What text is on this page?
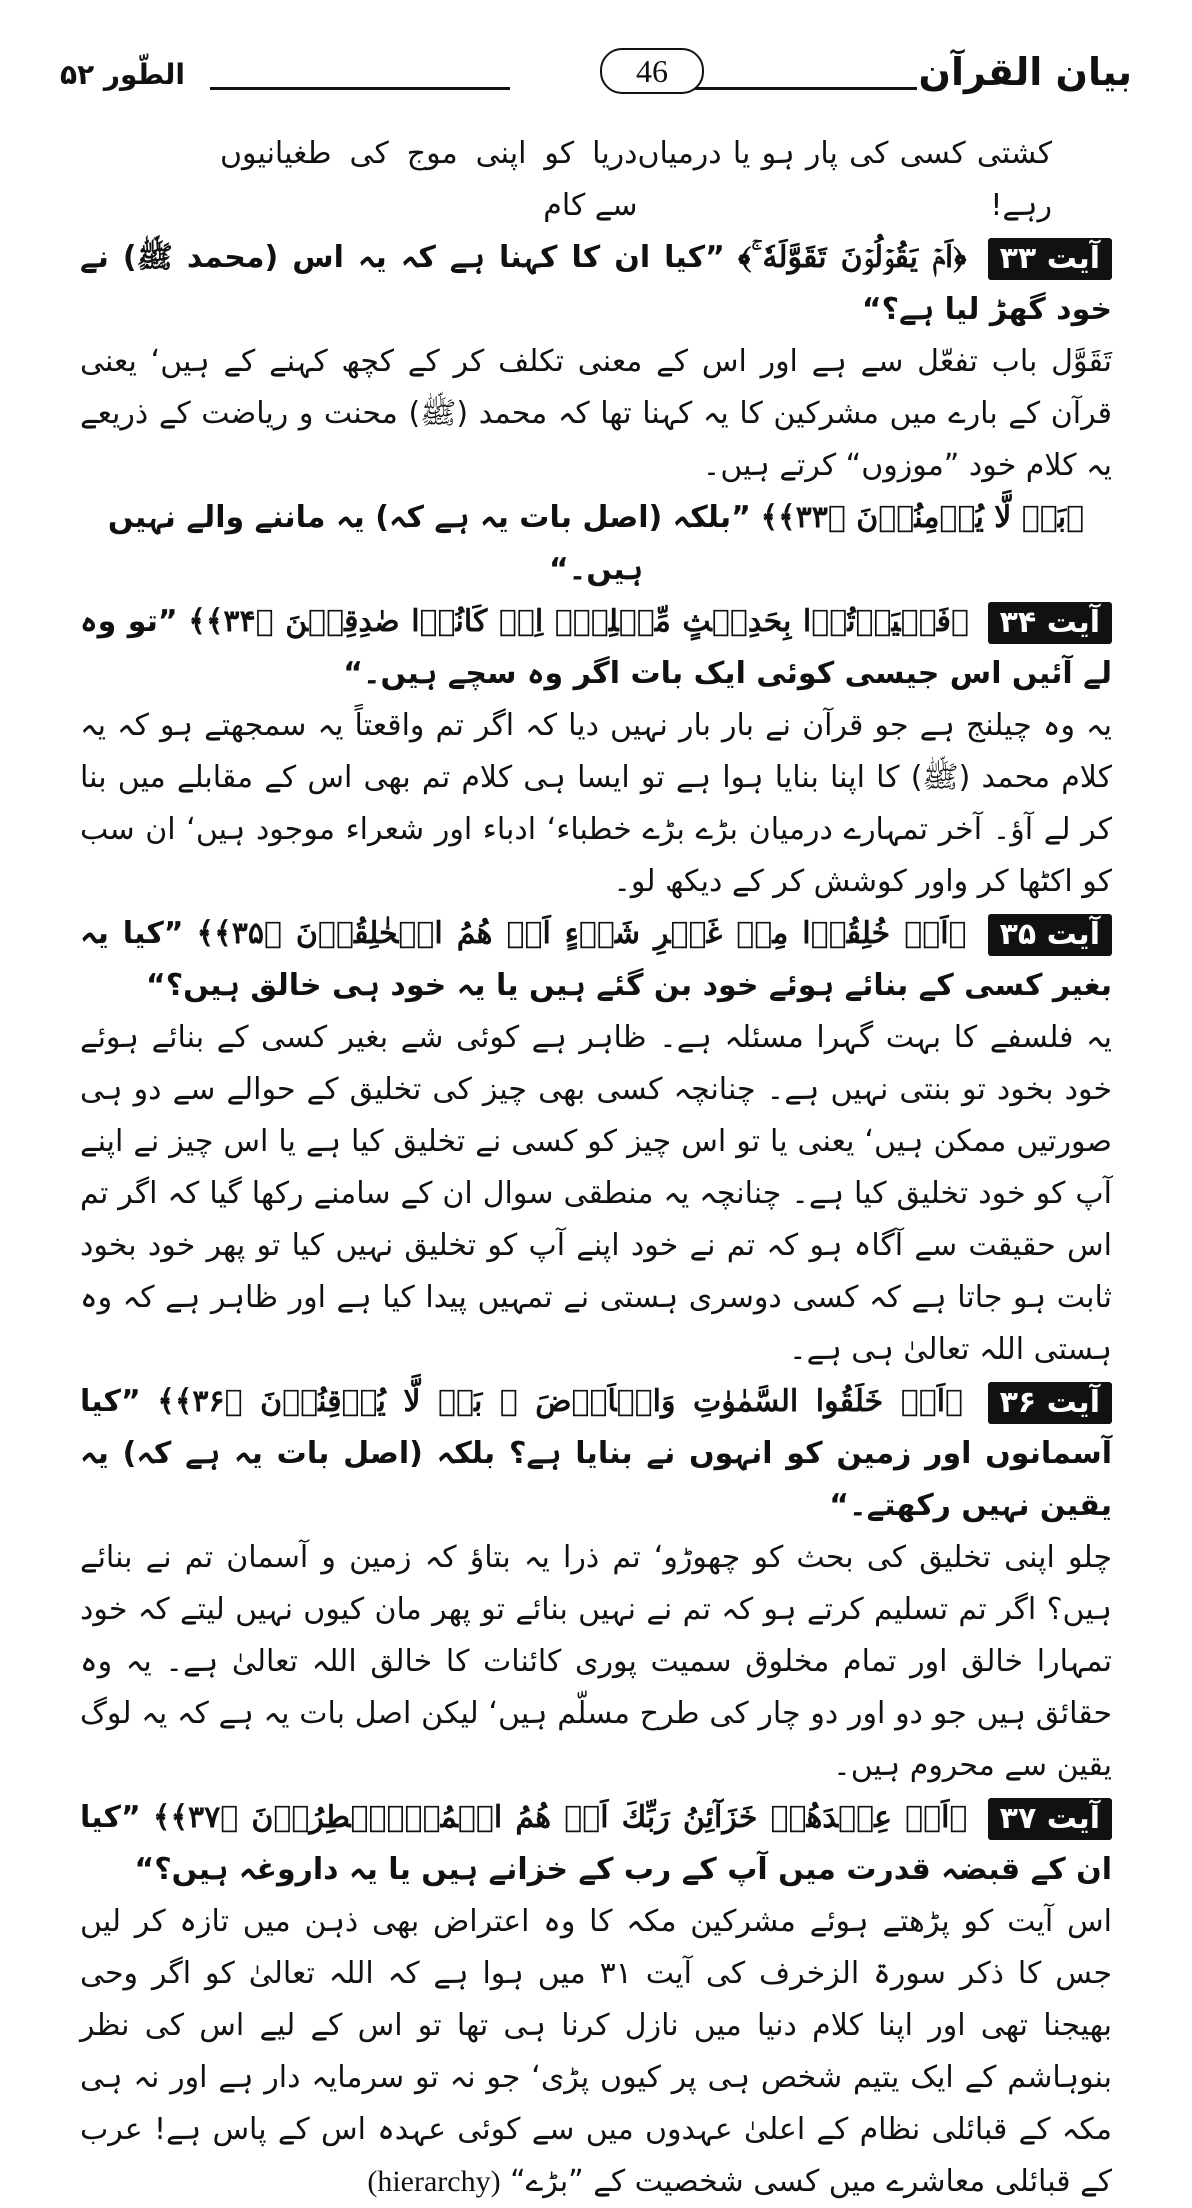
بیان القرآن
46
الطّور ۵۲
کشتی کسی کی پار ہو یا درمیاں رہے!
دریا کو اپنی موج کی طغیانیوں سے کام

آیت ۳۳ ﴿اَمۡ يَقُوۡلُوۡنَ تَقَوَّلَهٗ ۚ﴾ ”کیا ان کا کہنا ہے کہ یہ اس (محمد ﷺ) نے خود گھڑ لیا ہے؟“

تَقَوَّل باب تفعّل سے ہے اور اس کے معنی تکلف کر کے کچھ کہنے کے ہیں‘ یعنی قرآن کے بارے میں مشرکین کا یہ کہنا تھا کہ محمد (ﷺ) محنت و ریاضت کے ذریعے یہ کلام خود ”موزوں“ کرتے ہیں۔

﴿بَلۡ لَّا يُؤۡمِنُوۡنَ ﴿۳۳﴾﴾ ”بلکہ (اصل بات یہ ہے کہ) یہ ماننے والے نہیں ہیں۔“

آیت ۳۴ ﴿فَلۡيَاۡتُوۡا بِحَدِيۡثٍ مِّثۡلِهٖۤ اِنۡ كَانُوۡا صٰدِقِيۡنَ ﴿۳۴﴾﴾ ”تو وہ لے آئیں اس جیسی کوئی ایک بات اگر وہ سچے ہیں۔“

یہ وہ چیلنج ہے جو قرآن نے بار بار نہیں دیا کہ اگر تم واقعتاً یہ سمجھتے ہو کہ یہ کلام محمد (ﷺ) کا اپنا بنایا ہوا ہے تو ایسا ہی کلام تم بھی اس کے مقابلے میں بنا کر لے آؤ۔ آخر تمہارے درمیان بڑے بڑے خطباء‘ ادباء اور شعراء موجود ہیں‘ ان سب کو اکٹھا کر واور کوشش کر کے دیکھ لو۔

آیت ۳۵ ﴿اَمۡ خُلِقُوۡا مِنۡ غَيۡرِ شَىۡءٍ اَمۡ هُمُ الۡخٰلِقُوۡنَ ﴿۳۵﴾﴾ ”کیا یہ بغیر کسی کے بنائے ہوئے خود بن گئے ہیں یا یہ خود ہی خالق ہیں؟“

یہ فلسفے کا بہت گہرا مسئلہ ہے۔ ظاہر ہے کوئی شے بغیر کسی کے بنائے ہوئے خود بخود تو بنتی نہیں ہے۔ چنانچہ کسی بھی چیز کی تخلیق کے حوالے سے دو ہی صورتیں ممکن ہیں‘ یعنی یا تو اس چیز کو کسی نے تخلیق کیا ہے یا اس چیز نے اپنے آپ کو خود تخلیق کیا ہے۔ چنانچہ یہ منطقی سوال ان کے سامنے رکھا گیا کہ اگر تم اس حقیقت سے آگاہ ہو کہ تم نے خود اپنے آپ کو تخلیق نہیں کیا تو پھر خود بخود ثابت ہو جاتا ہے کہ کسی دوسری ہستی نے تمہیں پیدا کیا ہے اور ظاہر ہے کہ وہ ہستی اللہ تعالیٰ ہی ہے۔

آیت ۳۶ ﴿اَمۡ خَلَقُوا السَّمٰوٰتِ وَالۡاَرۡضَ ۚ بَلۡ لَّا يُوۡقِنُوۡنَ ﴿۳۶﴾﴾ ”کیا آسمانوں اور زمین کو انہوں نے بنایا ہے؟ بلکہ (اصل بات یہ ہے کہ) یہ یقین نہیں رکھتے۔“

چلو اپنی تخلیق کی بحث کو چھوڑو‘ تم ذرا یہ بتاؤ کہ زمین و آسمان تم نے بنائے ہیں؟ اگر تم تسلیم کرتے ہو کہ تم نے نہیں بنائے تو پھر مان کیوں نہیں لیتے کہ خود تمہارا خالق اور تمام مخلوق سمیت پوری کائنات کا خالق اللہ تعالیٰ ہے۔ یہ وہ حقائق ہیں جو دو اور دو چار کی طرح مسلّم ہیں‘ لیکن اصل بات یہ ہے کہ یہ لوگ یقین سے محروم ہیں۔

آیت ۳۷ ﴿اَمۡ عِنۡدَهُمۡ خَزَآئِنُ رَبِّكَ اَمۡ هُمُ الۡمُصَۜيۡطِرُوۡنَ ﴿۳۷﴾﴾ ”کیا ان کے قبضہ قدرت میں آپ کے رب کے خزانے ہیں یا یہ داروغہ ہیں؟“

اس آیت کو پڑھتے ہوئے مشرکین مکہ کا وہ اعتراض بھی ذہن میں تازہ کر لیں جس کا ذکر سورۃ الزخرف کی آیت ۳۱ میں ہوا ہے کہ اللہ تعالیٰ کو اگر وحی بھیجنا تھی اور اپنا کلام دنیا میں نازل کرنا ہی تھا تو اس کے لیے اس کی نظر بنوہاشم کے ایک یتیم شخص ہی پر کیوں پڑی‘ جو نہ تو سرمایہ دار ہے اور نہ ہی مکہ کے قبائلی نظام کے اعلیٰ عہدوں میں سے کوئی عہدہ اس کے پاس ہے! عرب کے قبائلی معاشرے میں کسی شخصیت کے ”بڑے“ (hierarchy)
